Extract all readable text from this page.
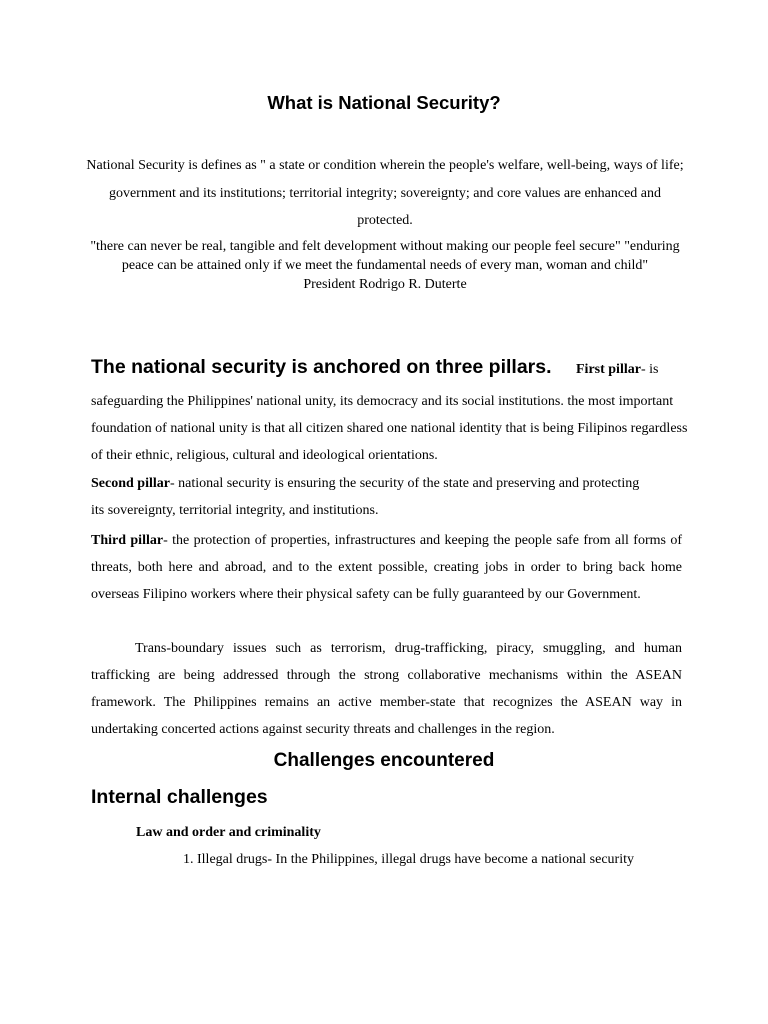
What is National Security?

National Security is defines as " a state or condition wherein the people's welfare, well-being, ways of life; government and its institutions; territorial integrity; sovereignty; and core values are enhanced and protected.

"there can never be real, tangible and felt development without making our people feel secure" "enduring peace can be attained only if we meet the fundamental needs of every man, woman and child"
President Rodrigo R. Duterte
The national security is anchored on three pillars. First pillar- is

safeguarding the Philippines' national unity, its democracy and its social institutions. the most important foundation of national unity is that all citizen shared one national identity that is being Filipinos regardless of their ethnic, religious, cultural and ideological orientations.

Second pillar- national security is ensuring the security of the state and preserving and protecting its sovereignty, territorial integrity, and institutions.

Third pillar- the protection of properties, infrastructures and keeping the people safe from all forms of threats, both here and abroad, and to the extent possible, creating jobs in order to bring back home overseas Filipino workers where their physical safety can be fully guaranteed by our Government.

Trans-boundary issues such as terrorism, drug-trafficking, piracy, smuggling, and human trafficking are being addressed through the strong collaborative mechanisms within the ASEAN framework. The Philippines remains an active member-state that recognizes the ASEAN way in undertaking concerted actions against security threats and challenges in the region.

Challenges encountered
Internal challenges
Law and order and criminality
1. Illegal drugs- In the Philippines, illegal drugs have become a national security
